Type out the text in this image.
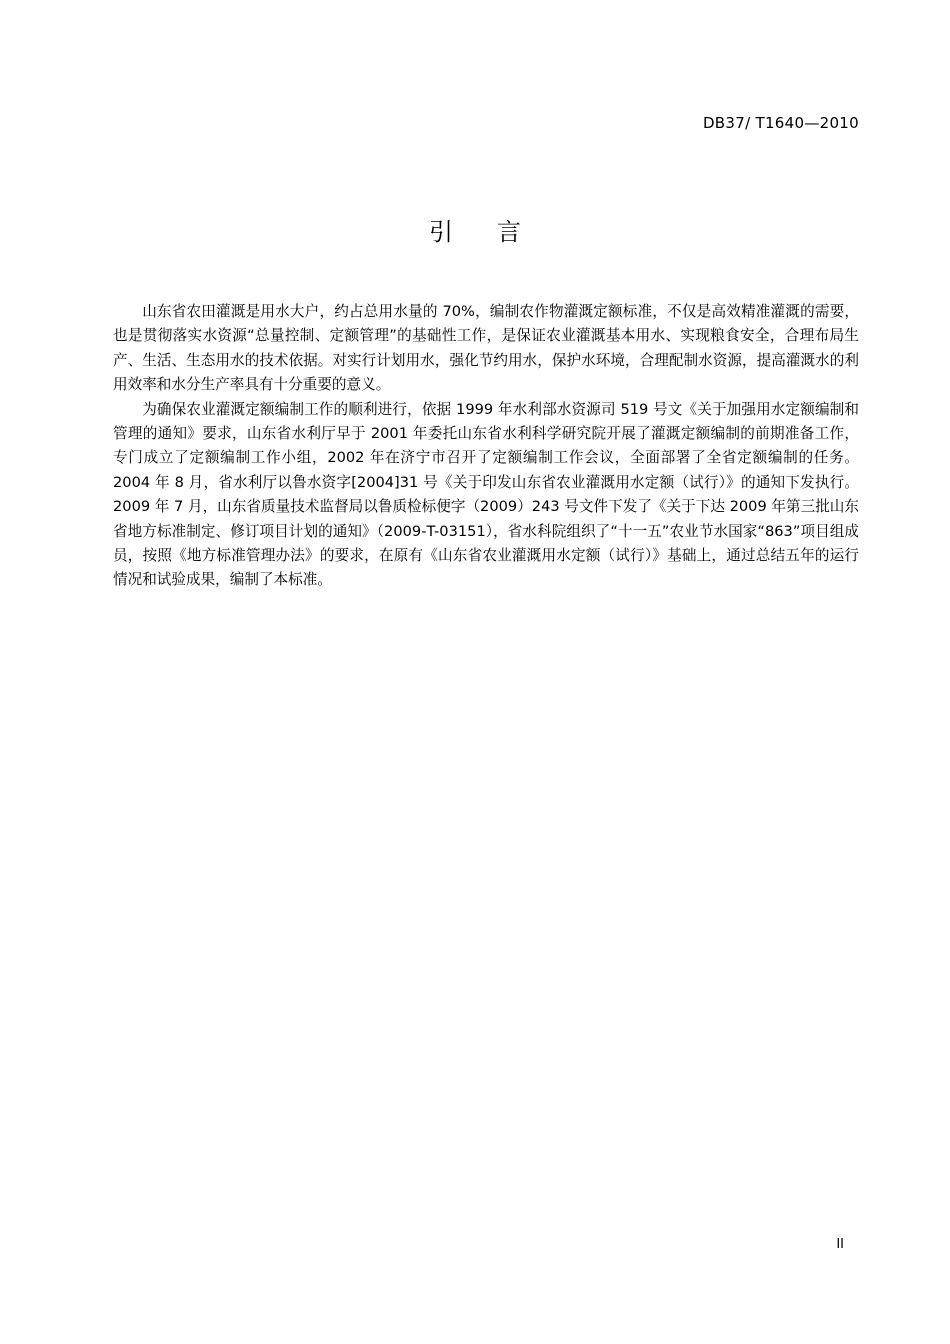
DB37/ T1640—2010
引言

山东省农田灌溉是用水大户，约占总用水量的 70%，编制农作物灌溉定额标准，不仅是高效精准灌溉的需要，也是贯彻落实水资源“总量控制、定额管理”的基础性工作，是保证农业灌溉基本用水、实现粮食安全，合理布局生产、生活、生态用水的技术依据。对实行计划用水，强化节约用水，保护水环境，合理配制水资源，提高灌溉水的利用效率和水分生产率具有十分重要的意义。

为确保农业灌溉定额编制工作的顺利进行，依据 1999 年水利部水资源司 519 号文《关于加强用水定额编制和管理的通知》要求，山东省水利厅早于 2001 年委托山东省水利科学研究院开展了灌溉定额编制的前期准备工作，专门成立了定额编制工作小组，2002 年在济宁市召开了定额编制工作会议，全面部署了全省定额编制的任务。2004 年 8 月，省水利厅以鲁水资字[2004]31 号《关于印发山东省农业灌溉用水定额（试行）》的通知下发执行。 2009 年 7 月，山东省质量技术监督局以鲁质检标便字（2009）243 号文件下发了《关于下达 2009 年第三批山东省地方标准制定、修订项目计划的通知》（2009-T-03151），省水科院组织了“十一五”农业节水国家“863”项目组成员，按照《地方标准管理办法》的要求，在原有《山东省农业灌溉用水定额（试行）》基础上，通过总结五年的运行情况和试验成果，编制了本标准。

II
